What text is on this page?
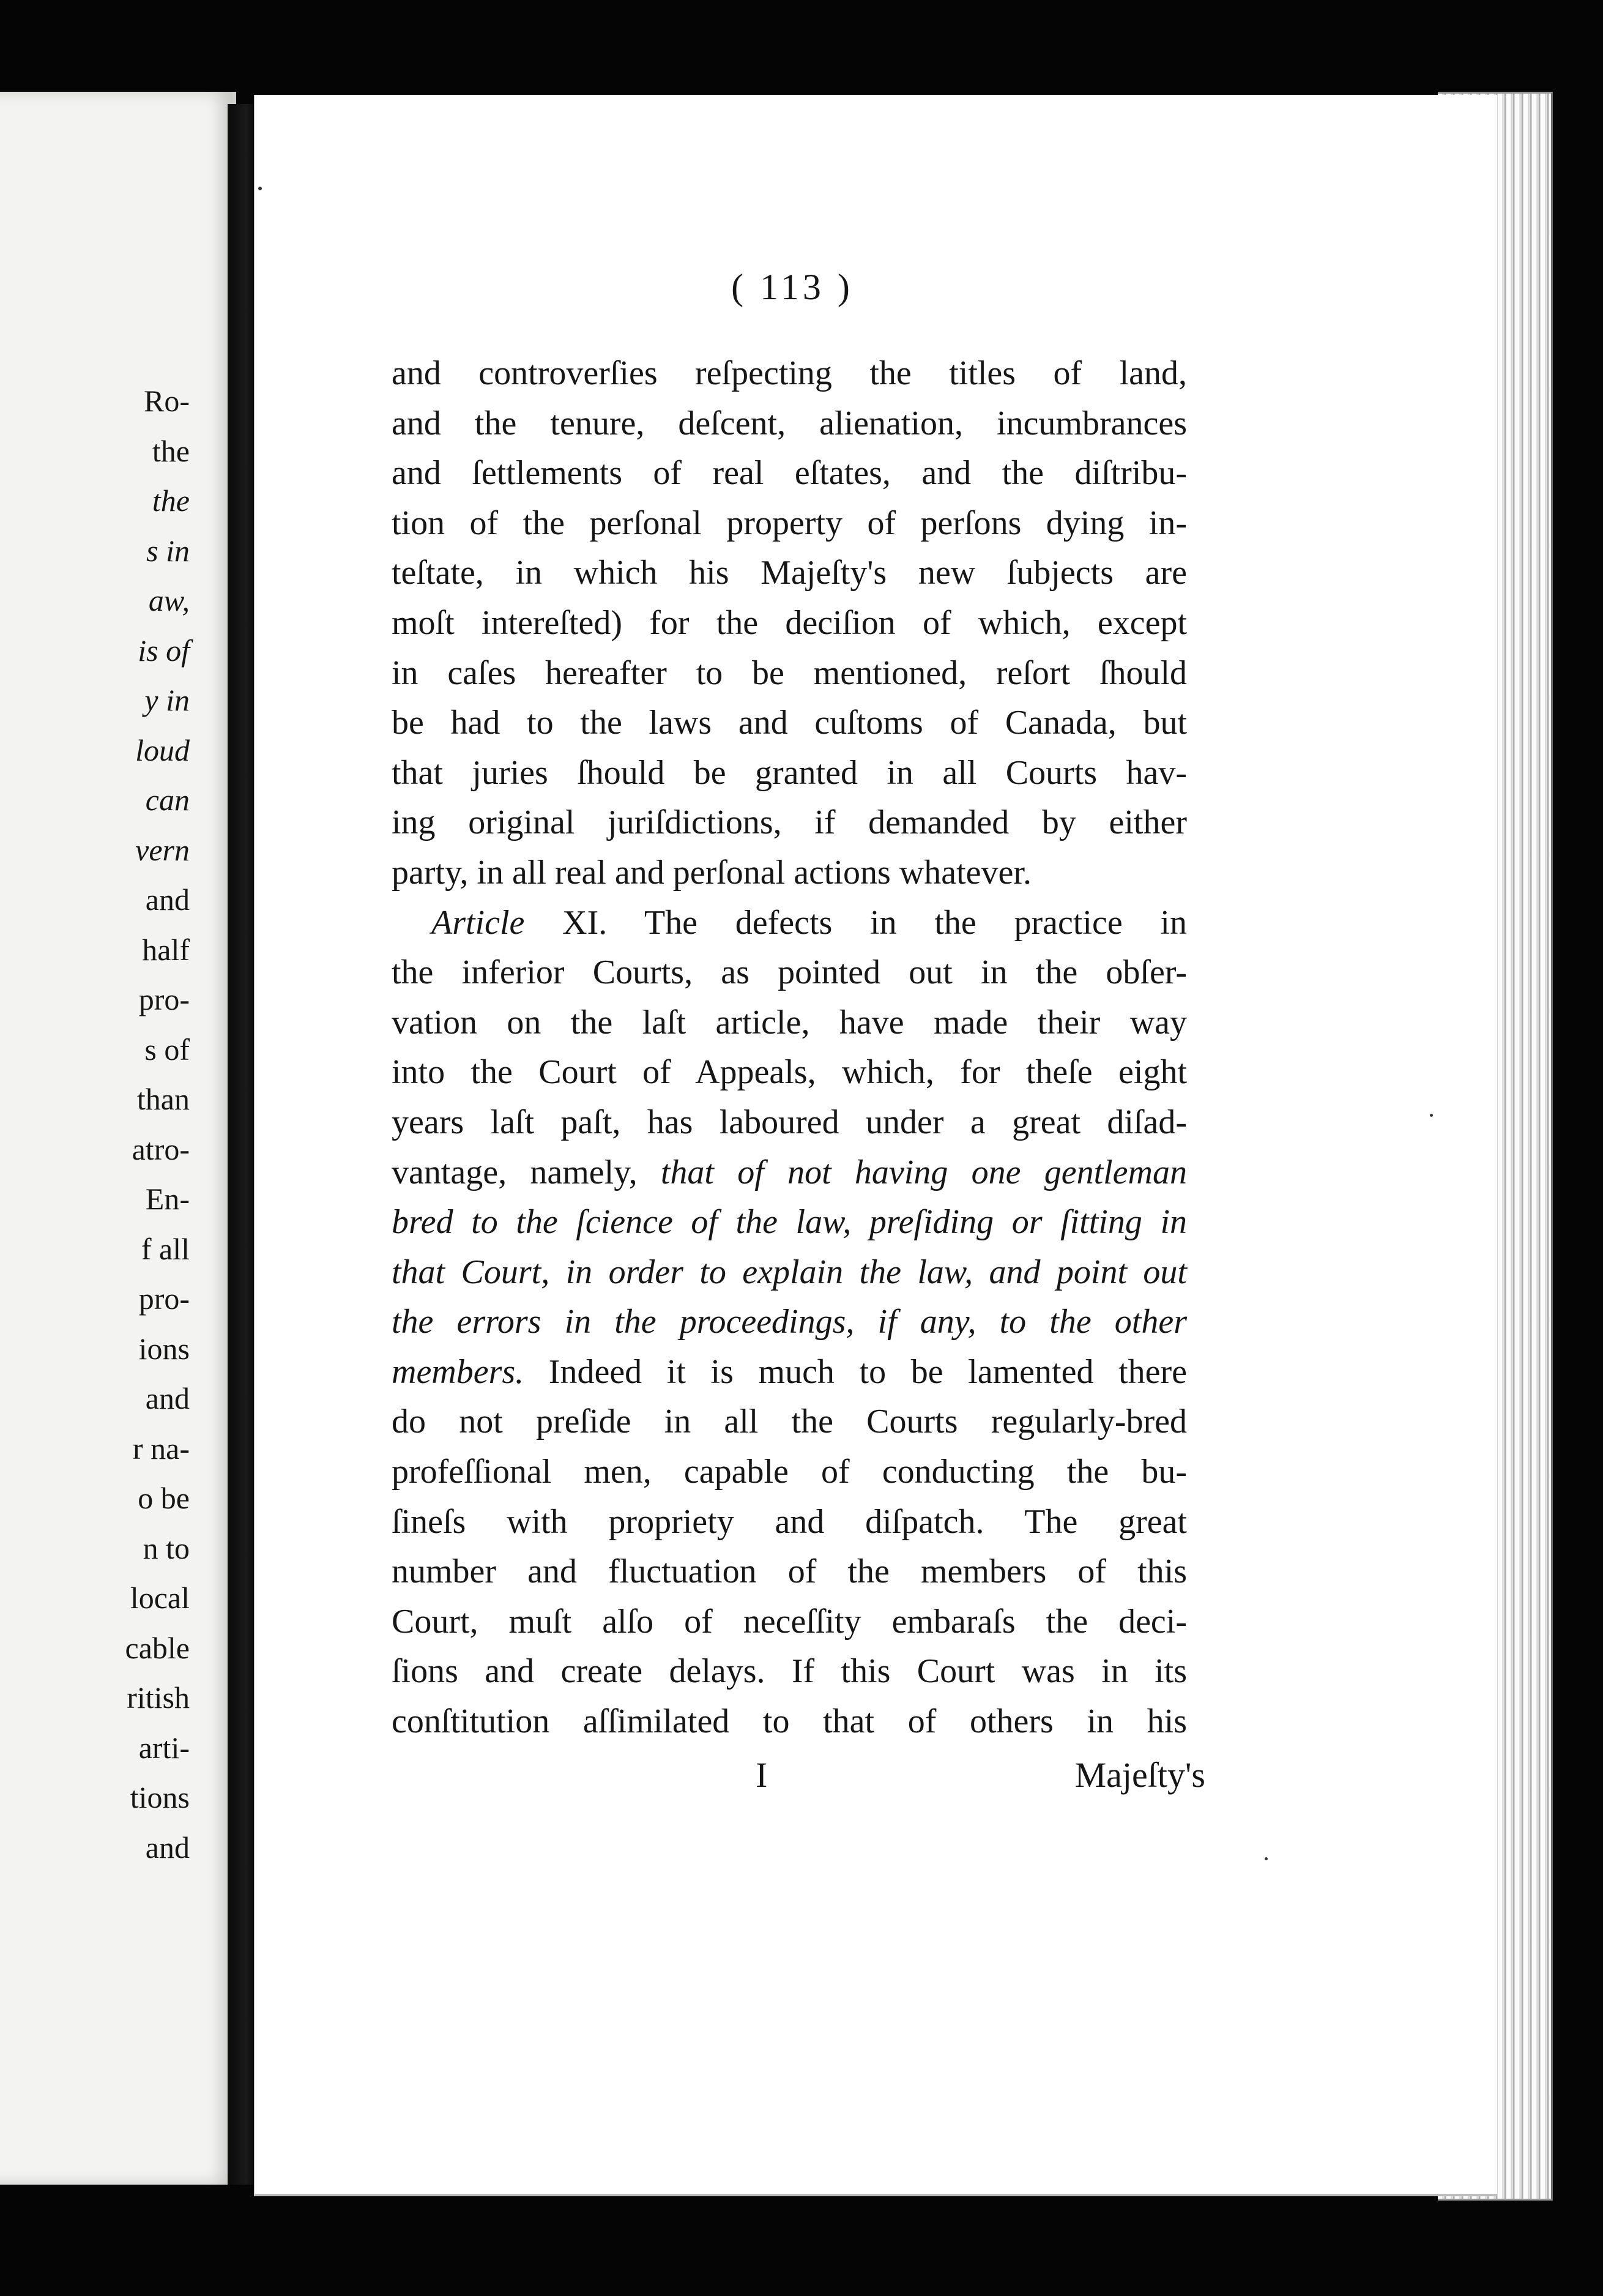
Ro-
the
the
s in
aw,
is of
y in
loud
can
vern
and
half
pro-
s of
than
atro-
En-
f all
pro-
ions
and
r na-
o be
n to
local
cable
ritish
arti-
tions
and
( 113 )
and controverſies reſpecting the titles of land,
and the tenure, deſcent, alienation, incumbrances
and ſettlements of real eſtates, and the diſtribu-
tion of the perſonal property of perſons dying in-
teſtate, in which his Majeſty's new ſubjects are
moſt intereſted) for the deciſion of which, except
in caſes hereafter to be mentioned, reſort ſhould
be had to the laws and cuſtoms of Canada, but
that juries ſhould be granted in all Courts hav-
ing original juriſdictions, if demanded by either
party, in all real and perſonal actions whatever.
Article XI. The defects in the practice in
the inferior Courts, as pointed out in the obſer-
vation on the laſt article, have made their way
into the Court of Appeals, which, for theſe eight
years laſt paſt, has laboured under a great diſad-
vantage, namely, that of not having one gentleman
bred to the ſcience of the law, preſiding or ſitting in
that Court, in order to explain the law, and point out
the errors in the proceedings, if any, to the other
members. Indeed it is much to be lamented there
do not preſide in all the Courts regularly-bred
profeſſional men, capable of conducting the bu-
ſineſs with propriety and diſpatch. The great
number and fluctuation of the members of this
Court, muſt alſo of neceſſity embaraſs the deci-
ſions and create delays. If this Court was in its
conſtitution aſſimilated to that of others in his
I	Majeſty's
